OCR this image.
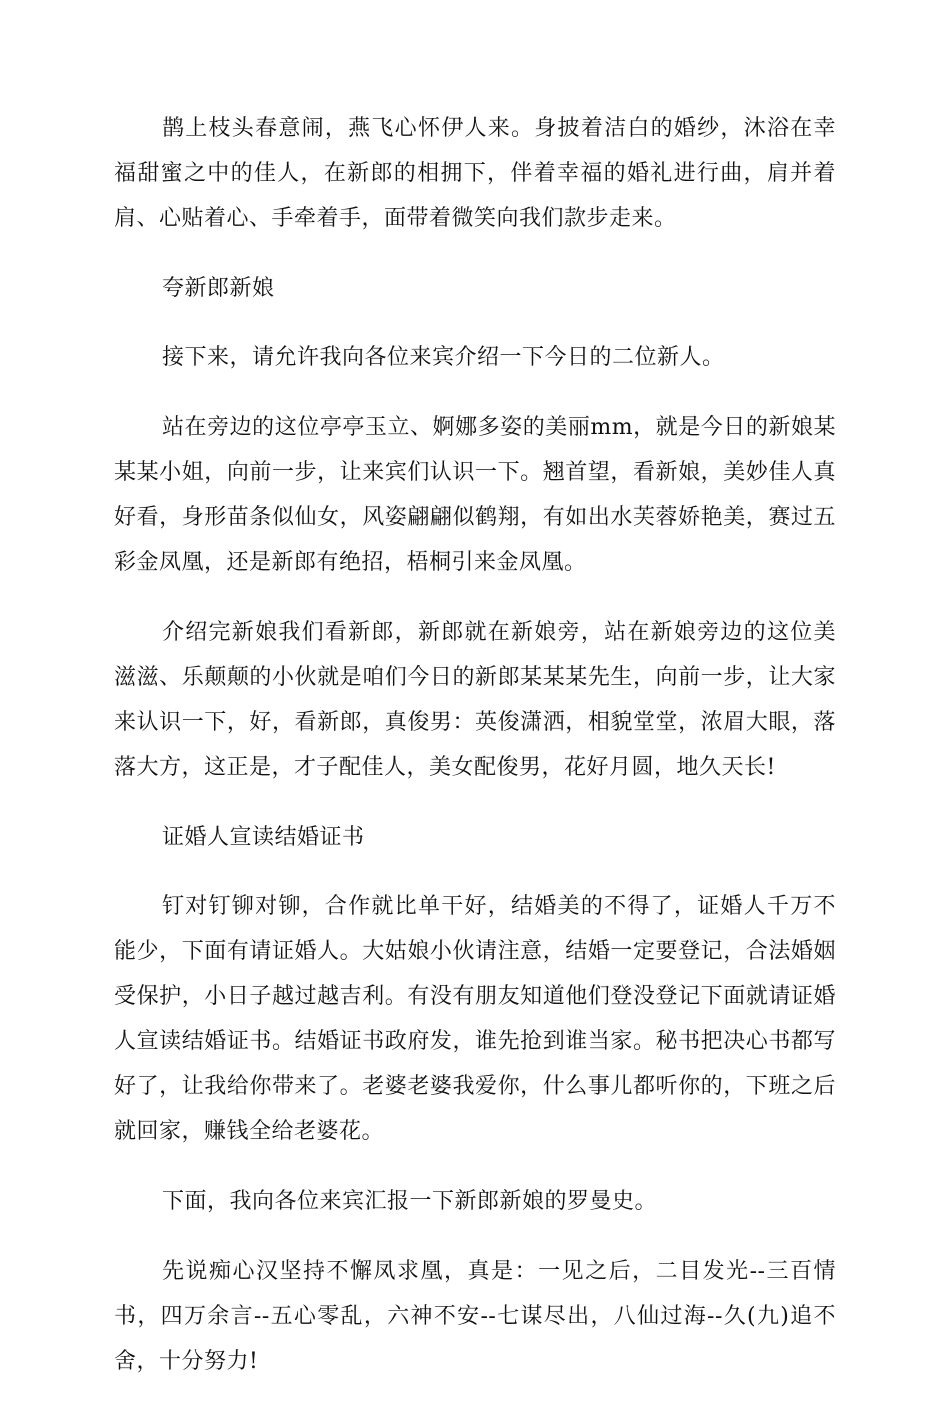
鹊上枝头春意闹，燕飞心怀伊人来。身披着洁白的婚纱，沐浴在幸福甜蜜之中的佳人，在新郎的相拥下，伴着幸福的婚礼进行曲，肩并着肩、心贴着心、手牵着手，面带着微笑向我们款步走来。

夸新郎新娘

接下来，请允许我向各位来宾介绍一下今日的二位新人。

站在旁边的这位亭亭玉立、婀娜多姿的美丽mm，就是今日的新娘某某某小姐，向前一步，让来宾们认识一下。翘首望，看新娘，美妙佳人真好看，身形苗条似仙女，风姿翩翩似鹤翔，有如出水芙蓉娇艳美，赛过五彩金凤凰，还是新郎有绝招，梧桐引来金凤凰。

介绍完新娘我们看新郎，新郎就在新娘旁，站在新娘旁边的这位美滋滋、乐颠颠的小伙就是咱们今日的新郎某某某先生，向前一步，让大家来认识一下，好，看新郎，真俊男：英俊潇洒，相貌堂堂，浓眉大眼，落落大方，这正是，才子配佳人，美女配俊男，花好月圆，地久天长!

证婚人宣读结婚证书

钉对钉铆对铆，合作就比单干好，结婚美的不得了，证婚人千万不能少，下面有请证婚人。大姑娘小伙请注意，结婚一定要登记，合法婚姻受保护，小日子越过越吉利。有没有朋友知道他们登没登记下面就请证婚人宣读结婚证书。结婚证书政府发，谁先抢到谁当家。秘书把决心书都写好了，让我给你带来了。老婆老婆我爱你，什么事儿都听你的，下班之后就回家，赚钱全给老婆花。

下面，我向各位来宾汇报一下新郎新娘的罗曼史。

先说痴心汉坚持不懈凤求凰，真是：一见之后，二目发光--三百情书，四万余言--五心零乱，六神不安--七谋尽出，八仙过海--久(九)追不舍，十分努力!
